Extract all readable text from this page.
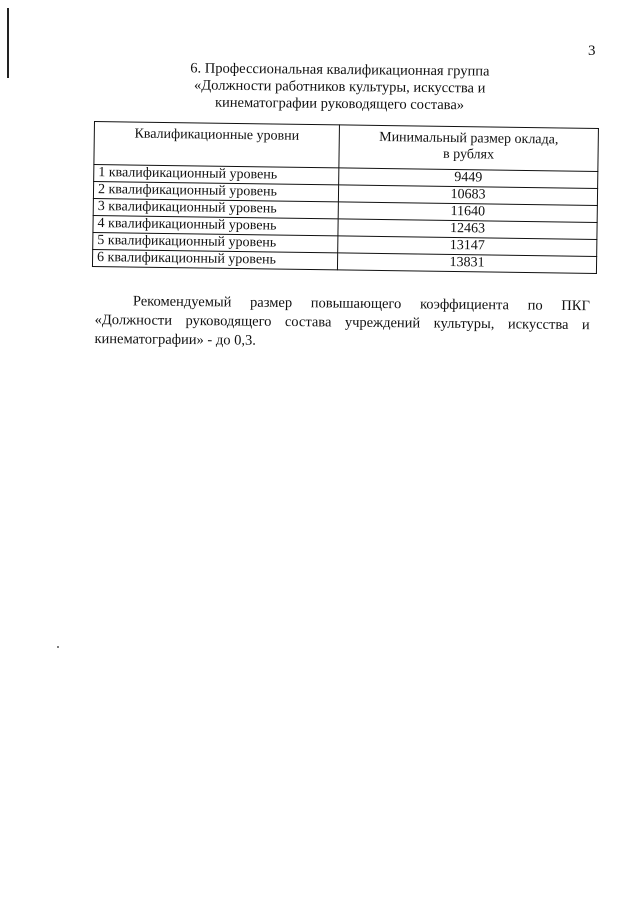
3
6. Профессиональная квалификационная группа
«Должности работников культуры, искусства и
кинематографии руководящего состава»
Квалификационные уровни	Минимальный размер оклада,
в рублях

1 квалификационный уровень	9449
2 квалификационный уровень	10683
3 квалификационный уровень	11640
4 квалификационный уровень	12463
5 квалификационный уровень	13147
6 квалификационный уровень	13831
Рекомендуемый размер повышающего коэффициента по ПКГ «Должности руководящего состава учреждений культуры, искусства и кинематографии» - до 0,3.
